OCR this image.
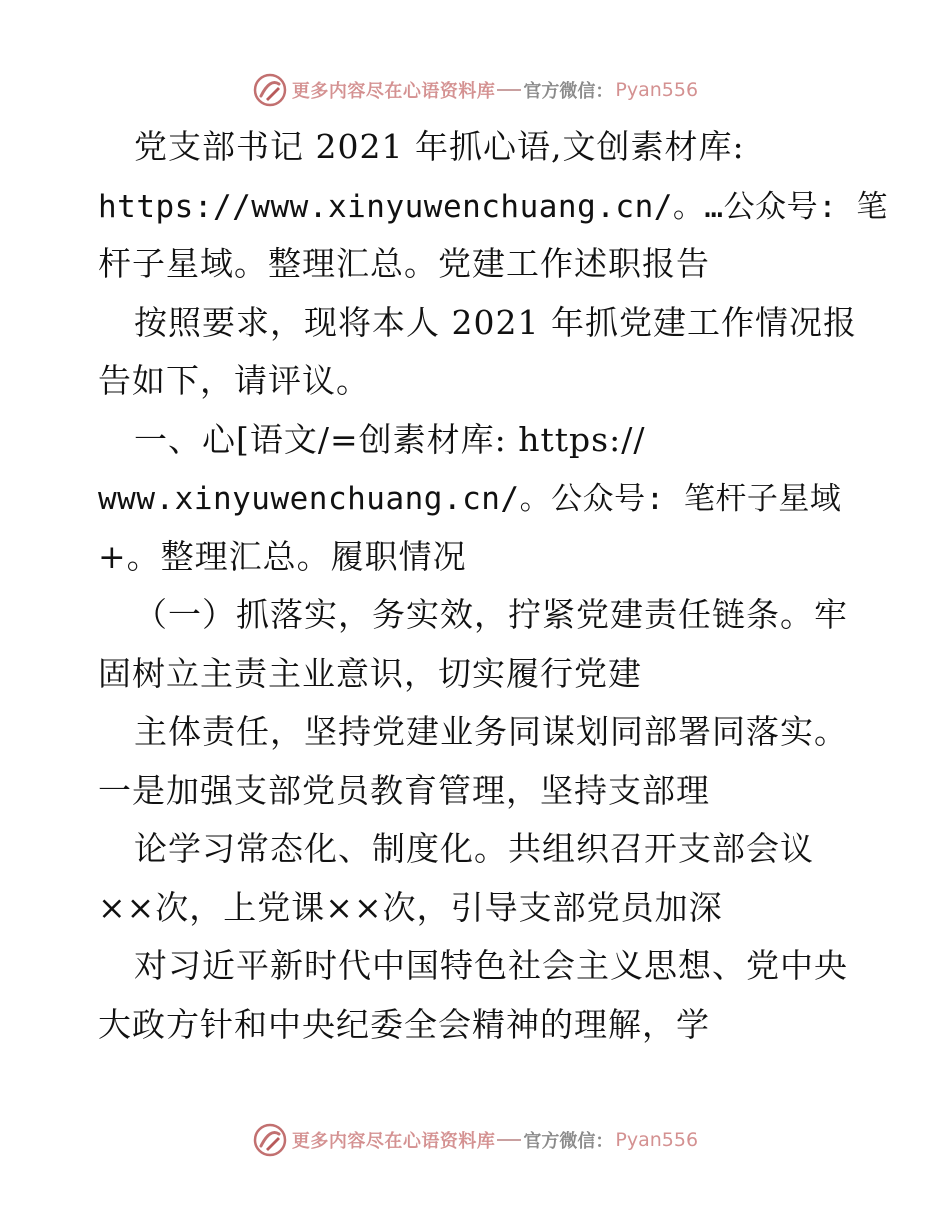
更多内容尽在心语资料库 官方微信： Pyan556
党支部书记 2021 年抓心语,文创素材库:
https://www.xinyuwenchuang.cn/。…公众号: 笔
杆子星域。整理汇总。党建工作述职报告
按照要求，现将本人 2021 年抓党建工作情况报
告如下，请评议。
一、心[语文/=创素材库: https://
www.xinyuwenchuang.cn/。公众号: 笔杆子星域
+。整理汇总。履职情况
（一）抓落实，务实效，拧紧党建责任链条。牢
固树立主责主业意识，切实履行党建
主体责任，坚持党建业务同谋划同部署同落实。
一是加强支部党员教育管理，坚持支部理
论学习常态化、制度化。共组织召开支部会议
××次，上党课××次，引导支部党员加深
对习近平新时代中国特色社会主义思想、党中央
大政方针和中央纪委全会精神的理解，学
更多内容尽在心语资料库 官方微信： Pyan556
